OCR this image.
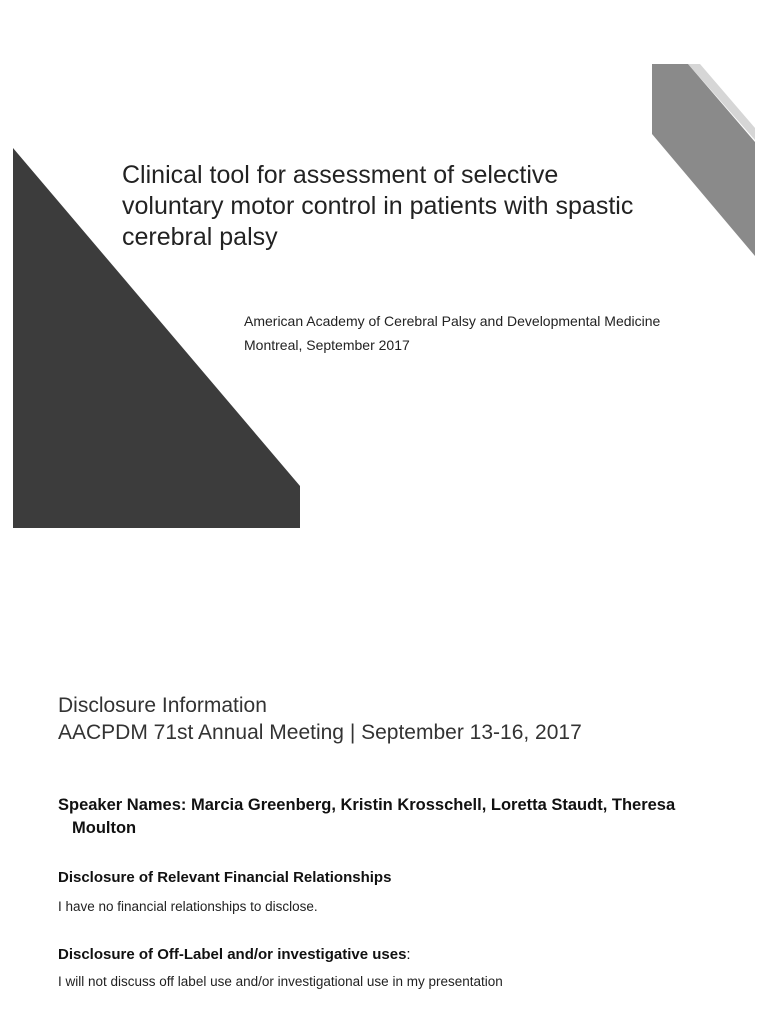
Clinical tool for assessment of selective voluntary motor control in patients with spastic cerebral palsy
American Academy of Cerebral Palsy and Developmental Medicine
Montreal, September 2017
Disclosure Information
AACPDM 71st Annual Meeting | September 13-16, 2017
Speaker Names: Marcia Greenberg, Kristin Krosschell, Loretta Staudt, Theresa Moulton
Disclosure of Relevant Financial Relationships
I have no financial relationships to disclose.
Disclosure of Off-Label and/or investigative uses:
I will not discuss off label use and/or investigational use in my presentation
